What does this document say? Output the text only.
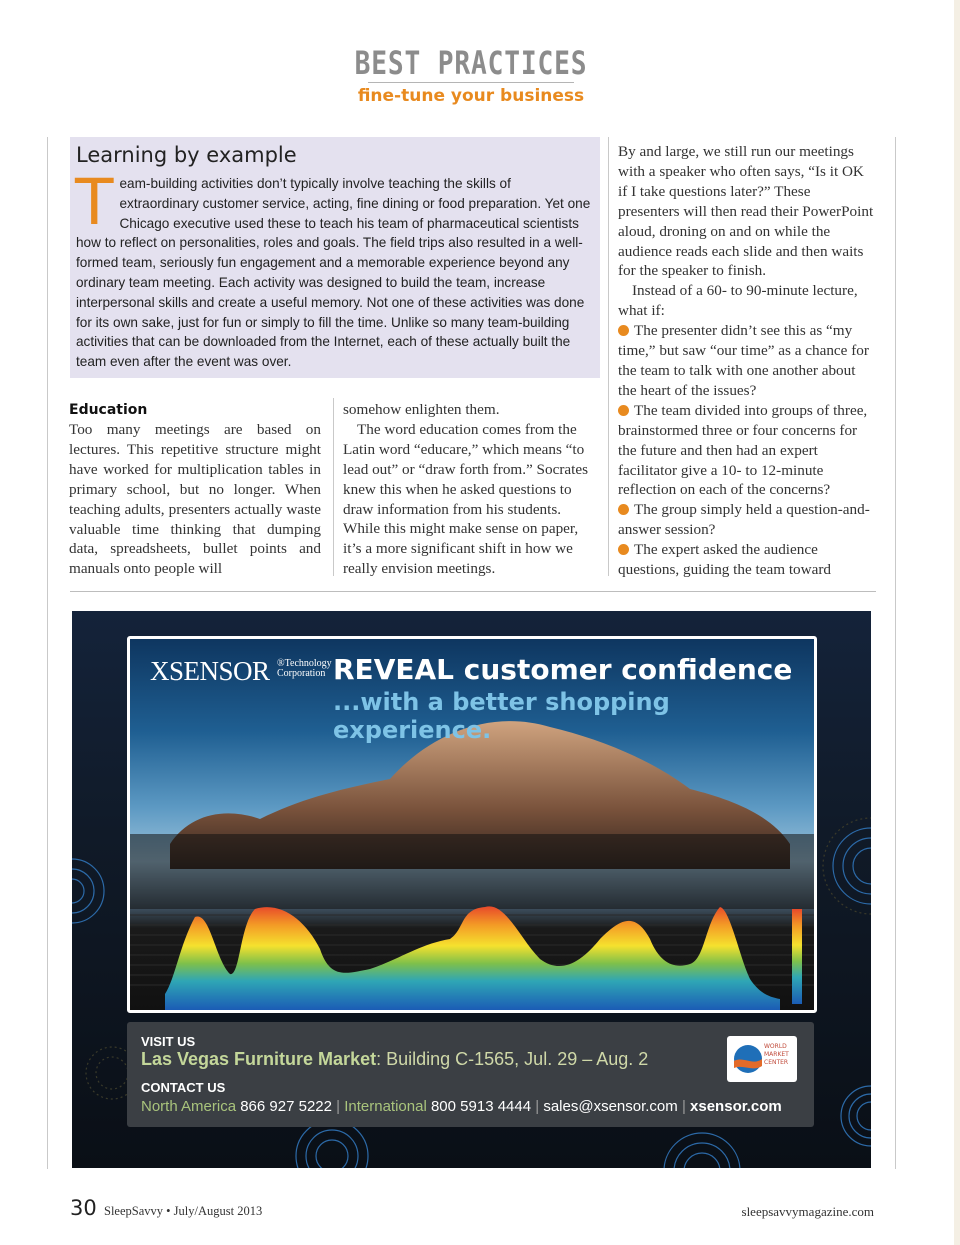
BEST PRACTICES
fine-tune your business
Learning by example

Team-building activities don’t typically involve teaching the skills of extraordinary customer service, acting, fine dining or food preparation. Yet one Chicago executive used these to teach his team of pharmaceutical scientists how to reflect on personalities, roles and goals. The field trips also resulted in a well-formed team, seriously fun engagement and a memorable experience beyond any ordinary team meeting. Each activity was designed to build the team, increase interpersonal skills and create a useful memory. Not one of these activities was done for its own sake, just for fun or simply to fill the time. Unlike so many team-building activities that can be downloaded from the Internet, each of these actually built the team even after the event was over.

Education

Too many meetings are based on lectures. This repetitive structure might have worked for multiplication tables in primary school, but no longer. When teaching adults, presenters actually waste valuable time thinking that dumping data, spreadsheets, bullet points and manuals onto people will

somehow enlighten them.

The word education comes from the Latin word “educare,” which means “to lead out” or “draw forth from.” Socrates knew this when he asked questions to draw information from his students. While this might make sense on paper, it’s a more significant shift in how we really envision meetings.

By and large, we still run our meetings with a speaker who often says, “Is it OK if I take questions later?” These presenters will then read their PowerPoint aloud, droning on and on while the audience reads each slide and then waits for the speaker to finish.

Instead of a 60- to 90-minute lecture, what if:

The presenter didn’t see this as “my time,” but saw “our time” as a chance for the team to talk with one another about the heart of the issues?

The team divided into groups of three, brainstormed three or four concerns for the future and then had an expert facilitator give a 10- to 12-minute reflection on each of the concerns?

The group simply held a question-and-answer session?

The expert asked the audience questions, guiding the team toward

XSENSOR ®Technology
Corporation REVEAL customer confidence
...with a better shopping experience.
VISIT US
Las Vegas Furniture Market: Building C-1565, Jul. 29 – Aug. 2
CONTACT US
North America 866 927 5222 | International 800 5913 4444 | sales@xsensor.com | xsensor.com
WORLD MARKET CENTER
30 SleepSavvy • July/August 2013	sleepsavvymagazine.com
